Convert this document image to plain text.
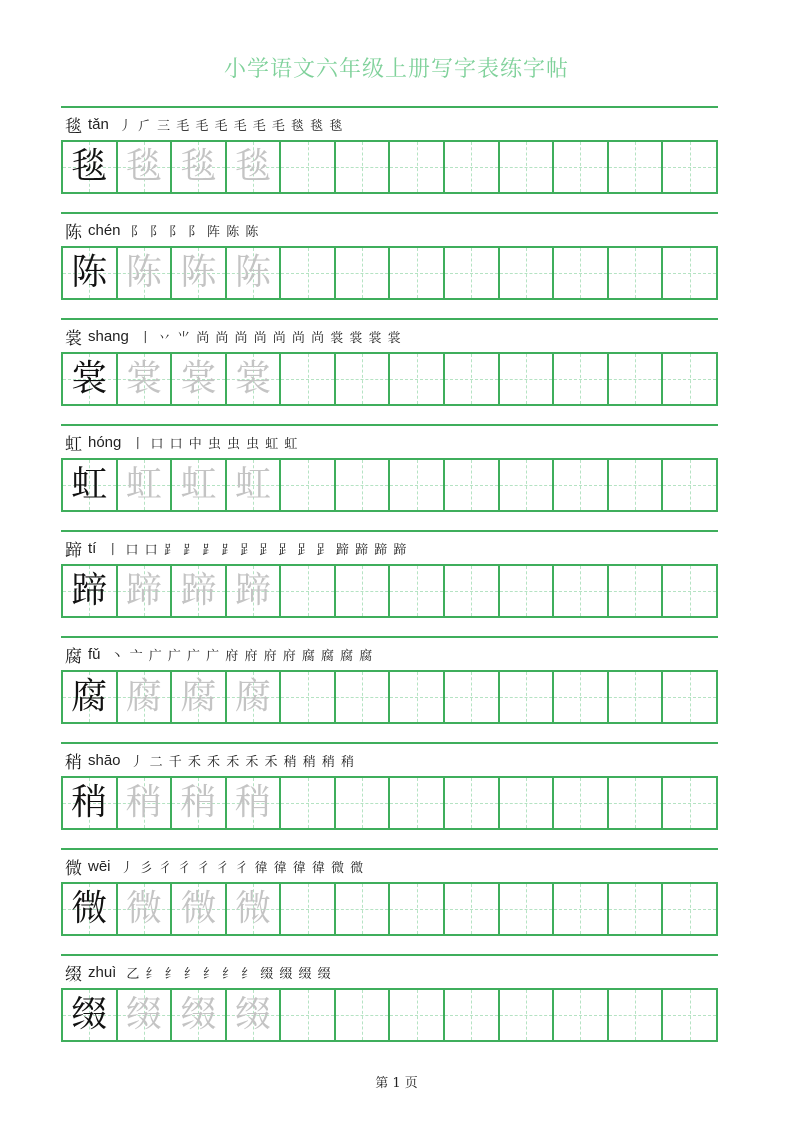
小学语文六年级上册写字表练字帖
毯 tǎn 丿 ⺁ 三 毛 毛 毛 毛 毛 毛 毯 毯 毯
毯 毯 毯 毯
陈 chén ⻖ 阝 阝 阝 阵 陈 陈
陈 陈 陈 陈
裳 shang 丨 丷 ⺌ 尚 尚 尚 尚 尚 尚 尚 裳 裳 裳 裳
裳 裳 裳 裳
虹 hóng 丨 口 口 中 虫 虫 虫 虹 虹
虹 虹 虹 虹
蹄 tí 丨 口 口 ⻊ ⻊ ⻊ ⻊ 𧾷 𧾷 𧾷 𧾷 𧾷 蹄 蹄 蹄 蹄
蹄 蹄 蹄 蹄
腐 fǔ 丶 亠 广 广 广 广 府 府 府 府 腐 腐 腐 腐
腐 腐 腐 腐
稍 shāo 丿 二 千 禾 禾 禾 禾 禾 稍 稍 稍 稍
稍 稍 稍 稍
微 wēi 丿 彡 彳 彳 彳 彳 彳 徫 徫 徫 徫 微 微
微 微 微 微
缀 zhuì 乙 纟 纟 纟 纟 纟 纟 缀 缀 缀 缀
缀 缀 缀 缀
第 1 页
